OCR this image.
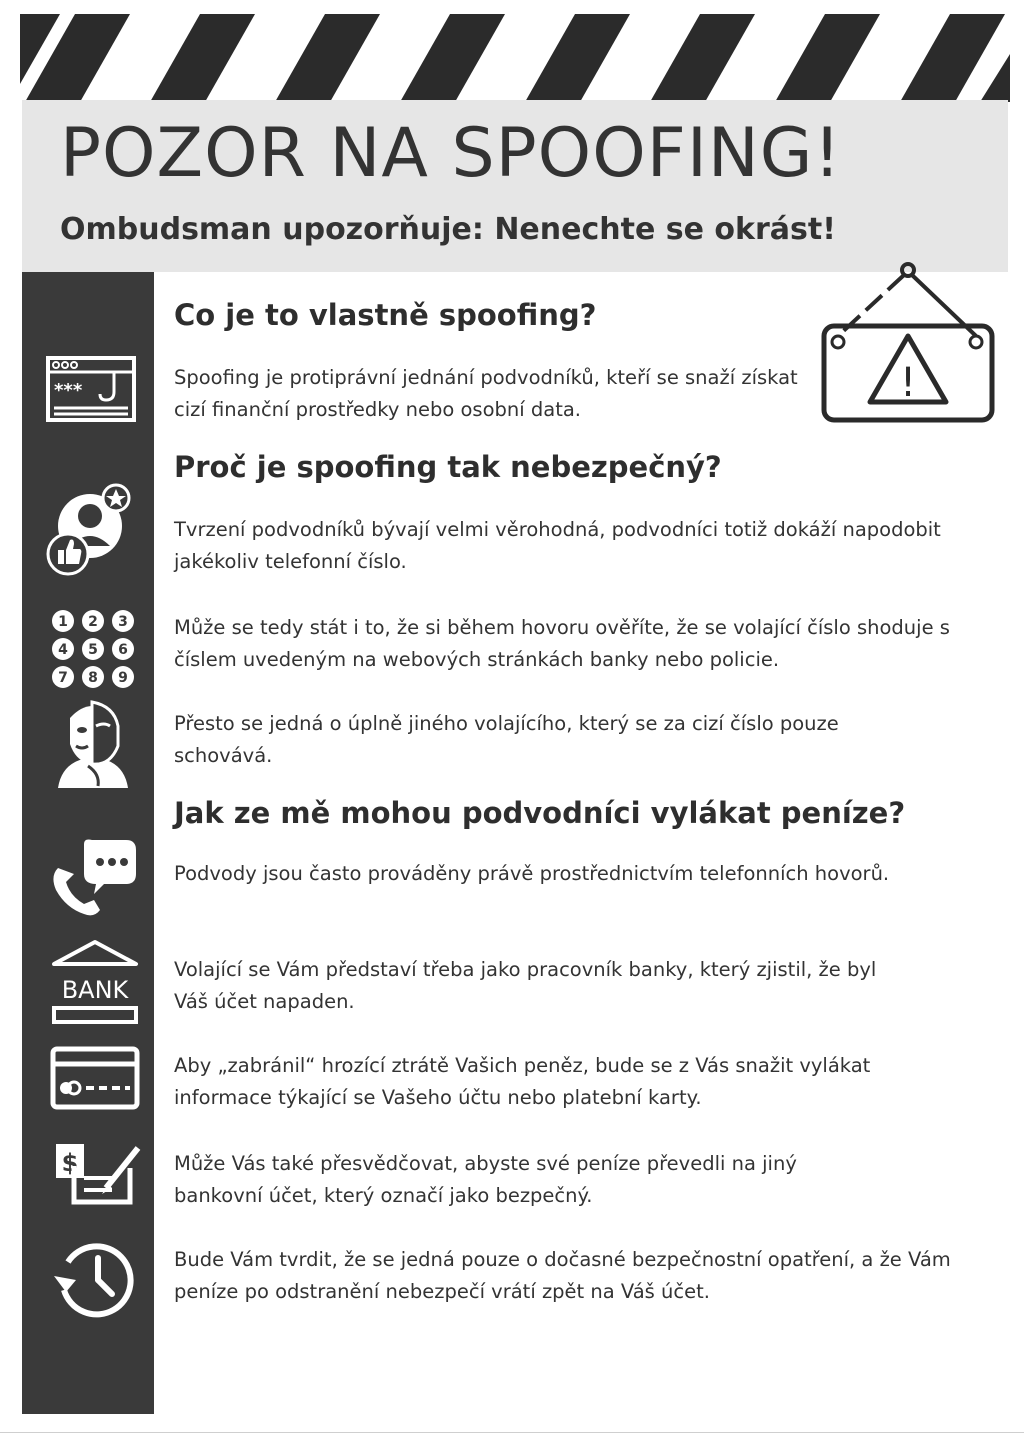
POZOR NA SPOOFING!
Ombudsman upozorňuje: Nenechte se okrást!
!
***
1 2 3
4 5 6
7 8 9
BANK
$
Co je to vlastně spoofing?

Spoofing je protiprávní jednání podvodníků, kteří se snaží získat cizí finanční prostředky nebo osobní data.

Proč je spoofing tak nebezpečný?

Tvrzení podvodníků bývají velmi věrohodná, podvodníci totiž dokáží napodobit jakékoliv telefonní číslo.

Může se tedy stát i to, že si během hovoru ověříte, že se volající číslo shoduje s číslem uvedeným na webových stránkách banky nebo policie.

Přesto se jedná o úplně jiného volajícího, který se za cizí číslo pouze schovává.

Jak ze mě mohou podvodníci vylákat peníze?

Podvody jsou často prováděny právě prostřednictvím telefonních hovorů.

Volající se Vám představí třeba jako pracovník banky, který zjistil, že byl Váš účet napaden.

Aby „zabránil“ hrozící ztrátě Vašich peněz, bude se z Vás snažit vylákat informace týkající se Vašeho účtu nebo platební karty.

Může Vás také přesvědčovat, abyste své peníze převedli na jiný bankovní účet, který označí jako bezpečný.

Bude Vám tvrdit, že se jedná pouze o dočasné bezpečnostní opatření, a že Vám peníze po odstranění nebezpečí vrátí zpět na Váš účet.
